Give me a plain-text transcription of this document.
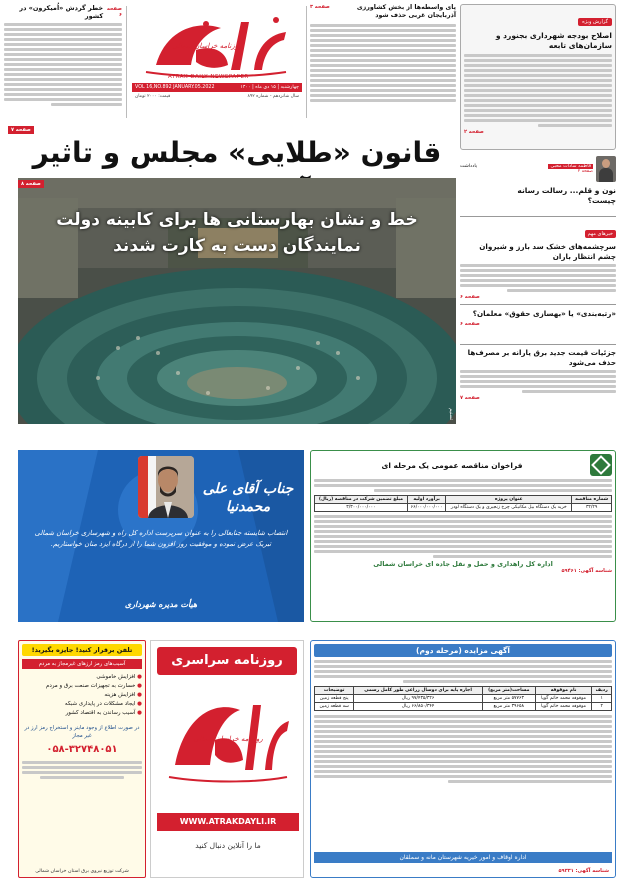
صفحه ۶
خطر گردش «اُمیکرون» در کشور
روزنامه خراسان شمالی
ATRAK DAILY NEWSPAPER
چهارشنبه | ۱۵ دی ماه | ۱۴۰۰
VOL 16,NO.892 JANUARY.05.2022
سال شانزدهم - شماره ۸۹۲
قیمت: ۲۰۰۰ تومان
پای واسطه‌ها از بخش کشاورزی آذربایجان غربی حذف شود
صفحه ۳
گزارش ویژه
اصلاح بودجه شهرداری بجنورد و سازمان‌های تابعه
صفحه ۲
فاطمه سادات محبی
یادداشت
صفحه ۲
نون و قلم... رسالت رسانه چیست؟
خبرهای مهم
سرچشمه‌های خشک سد بارز و شیروان چشم انتظار باران
صفحه ۶
«رتبه‌بندی» یا «بهسازی حقوق» معلمان؟
صفحه ۶
جزئیات قیمت جدید برق یارانه بر مصرف‌ها حذف می‌شود
صفحه ۷
صفحه ۷
قانون «طلایی» مجلس و تاثیر
صفحه ۸
خط و نشان بهارستانی ها برای کابینه دولت
نمایندگان دست به کارت شدند
تسنیم
جناب آقای علی محمدنیا
انتصاب شایسته جنابعالی را به عنوان سرپرست اداره کل راه و شهرسازی خراسان شمالی تبریک عرض نموده و موفقیت روز افزون شما را از درگاه ایزد منان خواستاریم.
هیأت مدیره شهرداری
فراخوان مناقصه عمومی یک مرحله ای
شماره مناقصه	عنوان پروژه	برآورد اولیه	مبلغ تضمین شرکت در مناقصه (ریال)
۳۲/۲۹	خرید یک دستگاه بیل مکانیکی چرخ زنجیری و یک دستگاه لودر	۶۶/۰۰۰/۰۰۰/۰۰۰	۳/۳۰۰/۰۰۰/۰۰۰
اداره کل راهداری و حمل و نقل جاده ای خراسان شمالی
شناسه آگهی: ۵۹۴۶۱
تلفن برقرار کنید! جایزه بگیرید!
آسیب‌های رمز ارزهای غیرمجاز به مردم
● افزایش خاموشی
● خسارت به تجهیزات صنعت برق و مردم
● افزایش هزینه
● ایجاد مشکلات در پایداری شبکه
● آسیب رساندن به اقتصاد کشور
در صورت اطلاع از وجود ماینر و استخراج رمز ارز در غیر مجاز
۰۵۸-۳۲۷۴۸۰۵۱
شرکت توزیع نیروی برق استان خراسان شمالی
روزنامه سراسری
روزنامه خراسان شمالی
WWW.ATRAKDAYLI.IR
ما را آنلاین دنبال کنید
آگهی مزایده (مرحله دوم)
ردیف	نام موقوفه	مساحت(متر مربع)	اجاره پایه برای دوسال زراعی طور کامل رسمی	توضیحات
۱	موقوفه محمد خاتم گوپا	۵۷۷۶۳ متر مربع	۹۷/۴۳۵/۳۲۶ ریال	پنج قطعه زمین
۲	موقوفه محمد خاتم گوپا	۳۹۶۵۸ متر مربع	۶۶/۸۵۰/۳۴۴ ریال	سه قطعه زمین
اداره اوقاف و امور خیریه شهرستان مانه و سملقان
شناسه آگهی: ۵۹۳۳۱
